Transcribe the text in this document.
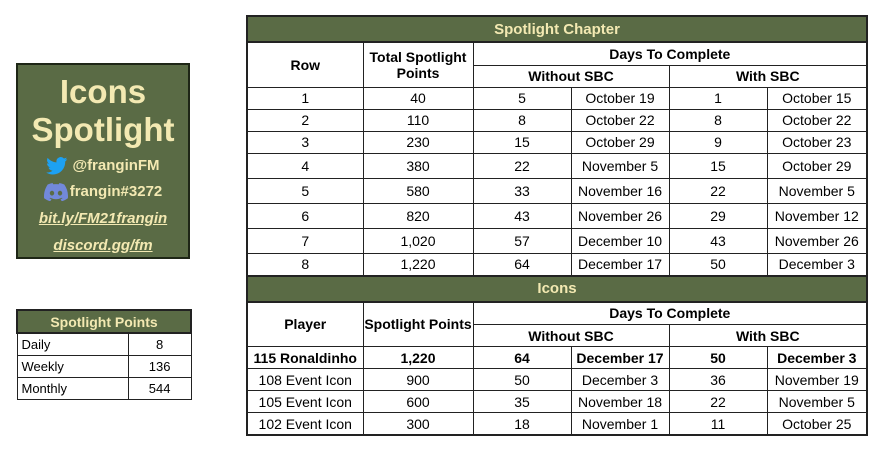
Icons
Spotlight
@franginFM
frangin#3272
bit.ly/FM21frangin
discord.gg/fm
Spotlight Points	
Daily	8
Weekly	136
Monthly	544
Spotlight Chapter					
Row	Total Spotlight Points	Days To Complete			
		Without SBC		With SBC	
1	40	5	October 19	1	October 15
2	110	8	October 22	8	October 22
3	230	15	October 29	9	October 23
4	380	22	November 5	15	October 29
5	580	33	November 16	22	November 5
6	820	43	November 26	29	November 12
7	1,020	57	December 10	43	November 26
8	1,220	64	December 17	50	December 3
Icons					
Player	Spotlight Points	Days To Complete			
		Without SBC		With SBC	
115 Ronaldinho	1,220	64	December 17	50	December 3
108 Event Icon	900	50	December 3	36	November 19
105 Event Icon	600	35	November 18	22	November 5
102 Event Icon	300	18	November 1	11	October 25
